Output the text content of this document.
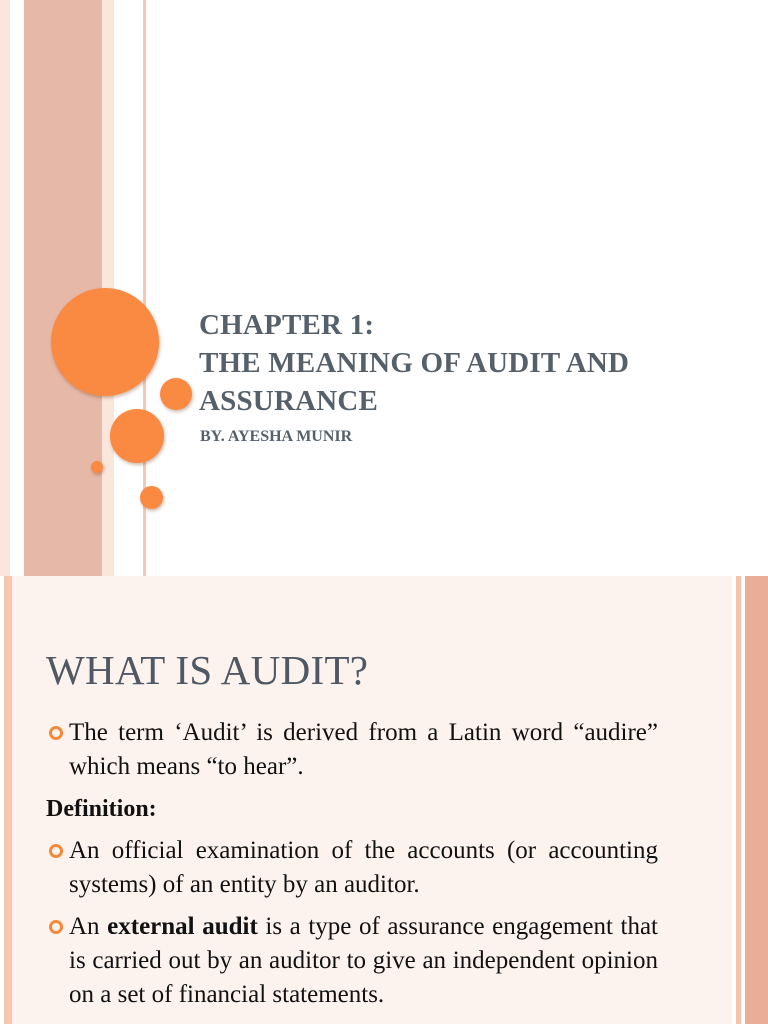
CHAPTER 1:
THE MEANING OF AUDIT AND
ASSURANCE
BY. AYESHA MUNIR
WHAT IS AUDIT?

The term ‘Audit’ is derived from a Latin word “audire” which means “to hear”.

Definition:

An official examination of the accounts (or accounting systems) of an entity by an auditor.

An external audit is a type of assurance engagement that is carried out by an auditor to give an independent opinion on a set of financial statements.
